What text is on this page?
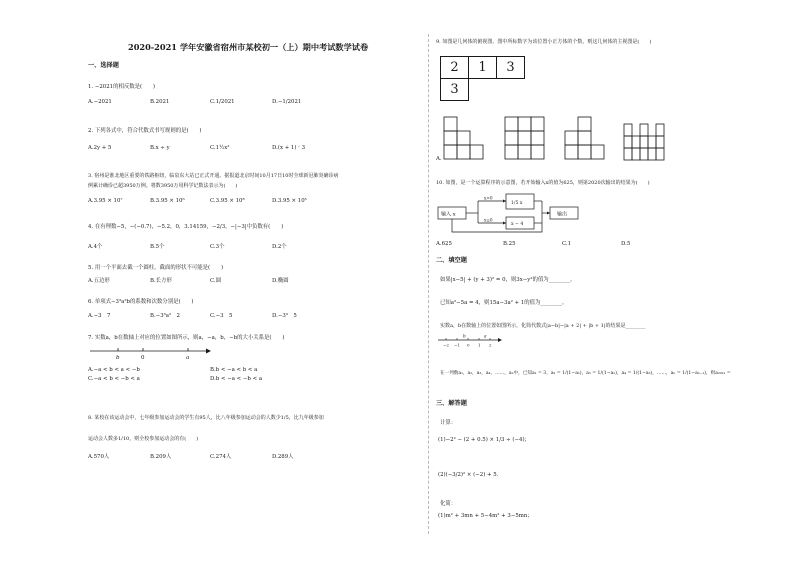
2020-2021 学年安徽省宿州市某校初一（上）期中考试数学试卷
一、选择题
1. −2021的相反数是(　　)
A.−2021	B.2021	C.1/2021	D.−1/2021
2. 下列各式中，符合代数式书写规则的是(　　)
A.2y + 5	B.x ÷ y	C.1½x²	D.(x + 1) · 3
3. 宿州是淮北地区重要的铁路枢纽，临泉东大站已正式开通。据报道北京时间10月17日10时全球新冠肺炎确诊病
例累计确诊已超3950万例。将数3950万用科学记数法表示为(　　)
A.3.95 × 10⁷	B.3.95 × 10⁶	C.3.95 × 10⁸	D.3.95 × 10⁵
4. 在有理数−5，−(−0.7)，−5.2，0，3.14159，−2/3，−|−3|中负数有(　　)
A.4个	B.5个	C.3个	D.2个
5. 用一个平面去截一个圆柱，截面的形状不可能是(　　)
A.五边形	B.长方形	C.圆	D.椭圆
6. 单项式−3³a²b的系数和次数分别是(　　)
A.−3　7	B.−3³a²　2	C.−3　5	D.−3³　5
7. 实数a，b在数轴上对应的位置如图所示，则a，−a，b，−b的大小关系是(　　)
b	0	a
A.−a < b < a < −b	B.b < −a < b < a
C.−a < b < −b < a	D.b < −a < −b < a
8. 某校在该运动会中，七年级参加运动会的学生有95人，比八年级参加运动会的人数少1/5，比九年级参加
运动会人数多1/10，则全校参加运动会的有(　　)
A.570人	B.209人	C.274人	D.289人
9. 如图是几何体的俯视图，图中所标数字为该位置小正方体的个数，则这几何体的主视图是(　　)
2	1	3
3		
A.
10. 如图，是一个运算程序的示意图，若开始输入x的值为625，则第2020次输出的结果为(　　)
输入 x	输出
x>0
x≤0
1/5 x
x − 4
A.625	B.25	C.1	D.5
二、填空题
如果|x−5| + (y + 3)² = 0，则3x−y²的值为________。
已知a²−5a = 4，则15a−3a² + 1的值为________。
实数a，b在数轴上的位置如图所示，化简代数式|a−b|−|a + 2| + |b + 1|的结果是________
b	a
−2 −1 0 1 2
在一列数a₁，a₂，a₃，a₄，……，aₙ中，已知a₁ = 3，a₂ = 1/(1−a₁)，a₃ = 1/(1−a₂)，a₄ = 1/(1−a₃)，……，aₙ = 1/(1−aₙ₋₁)，则a₂₀₂₁ =
三、解答题
计算：
(1)−2² − (2 + 0.5) × 1/3 ÷ (−4)；
(2)(−3/2)² × (−2) + 5．
化简：
(1)m² + 3mn + 5−4m² + 3−5mn；
